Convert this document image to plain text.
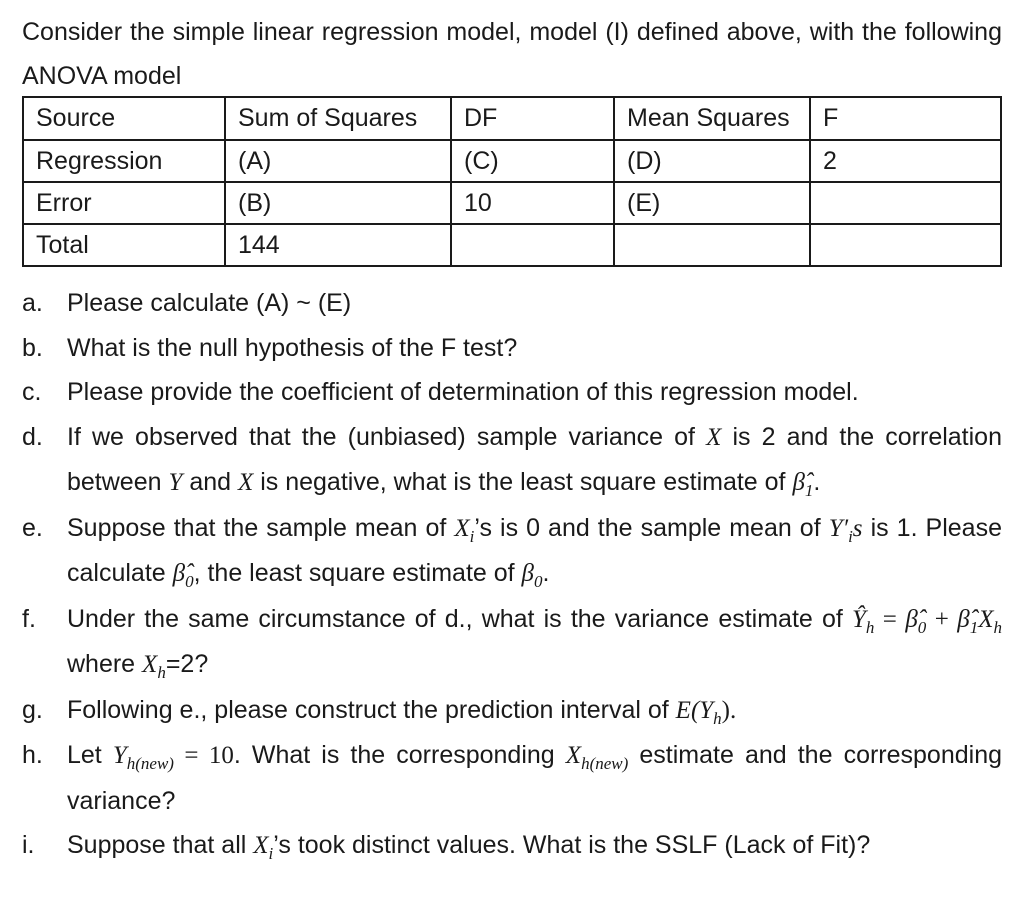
Consider the simple linear regression model, model (I) defined above, with the following ANOVA model
Source	Sum of Squares	DF	Mean Squares	F
Regression	(A)	(C)	(D)	2
Error	(B)	10	(E)	
Total	144			
a. Please calculate (A) ~ (E)
b. What is the null hypothesis of the F test?
c. Please provide the coefficient of determination of this regression model.
d. If we observed that the (unbiased) sample variance of X is 2 and the correlation between Y and X is negative, what is the least square estimate of $\betâ_1$.
e. Suppose that the sample mean of $X_i’s$ is 0 and the sample mean of $Y'_is$ is 1. Please calculate $\betâ_0$, the least square estimate of $\beta_0$.
f. Under the same circumstance of d., what is the variance estimate of $Ŷ_h$ = $\betâ_0$ + $\betâ_1X_h$ where $X_h=2$?
g. Following e., please construct the prediction interval of $E(Y_h)$.
h. Let $Y_{h(new)} = 10$. What is the corresponding $X_{h(new)}$ estimate and the corresponding variance?
i. Suppose that all $X_i’s$ took distinct values. What is the SSLF (Lack of Fit)?
